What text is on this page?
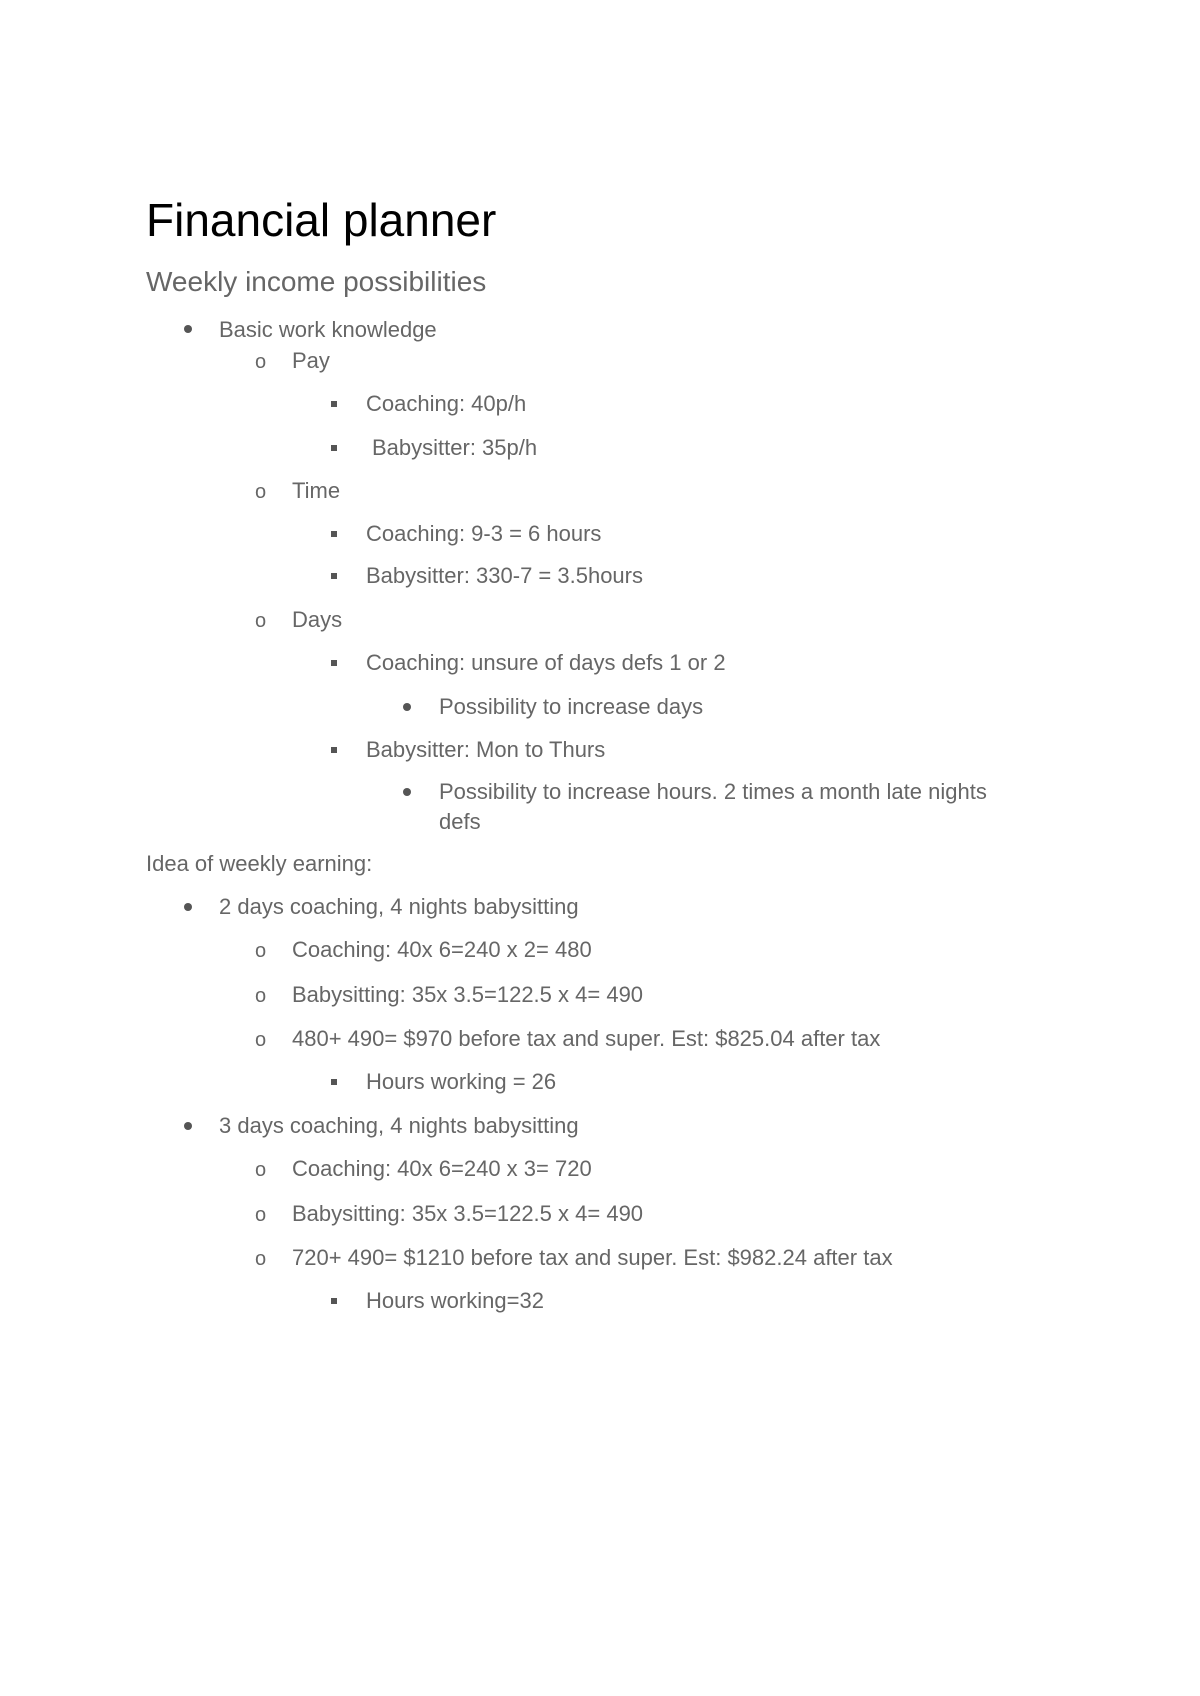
Financial planner
Weekly income possibilities
Basic work knowledge
o Pay
Coaching: 40p/h
Babysitter: 35p/h
o Time
Coaching: 9-3 = 6 hours
Babysitter: 330-7 = 3.5hours
o Days
Coaching: unsure of days defs 1 or 2
Possibility to increase days
Babysitter: Mon to Thurs
Possibility to increase hours. 2 times a month late nights
defs
Idea of weekly earning:
2 days coaching, 4 nights babysitting
o Coaching: 40x 6=240 x 2= 480
o Babysitting: 35x 3.5=122.5 x 4= 490
o 480+ 490= $970 before tax and super. Est: $825.04 after tax
Hours working = 26
3 days coaching, 4 nights babysitting
o Coaching: 40x 6=240 x 3= 720
o Babysitting: 35x 3.5=122.5 x 4= 490
o 720+ 490= $1210 before tax and super. Est: $982.24 after tax
Hours working=32
